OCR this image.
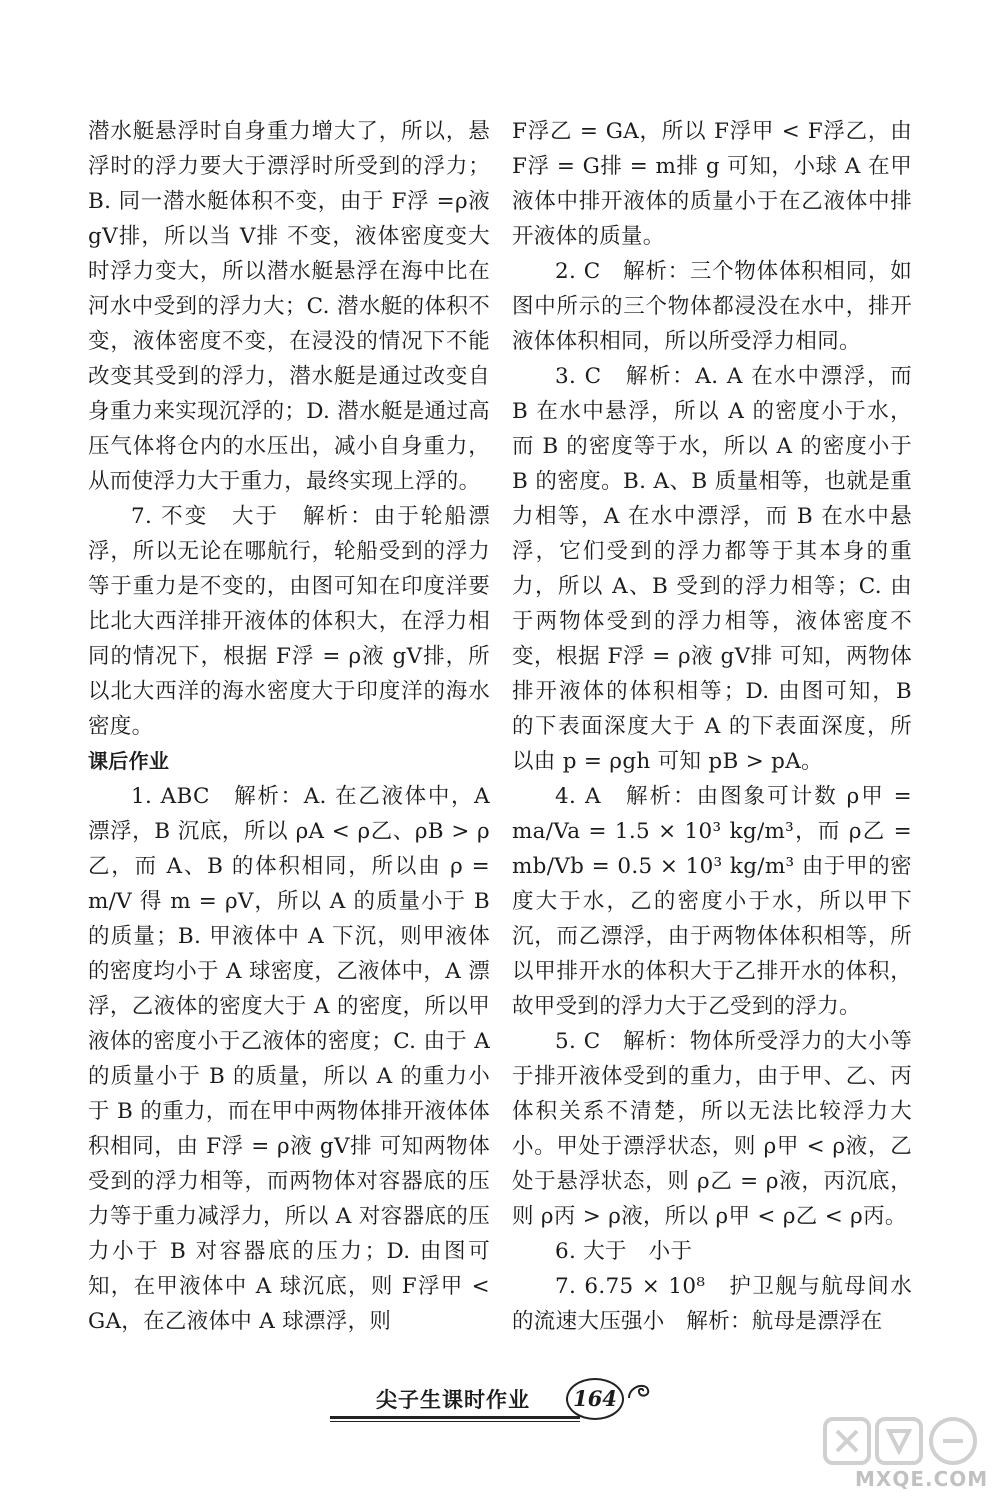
潜水艇悬浮时自身重力增大了，所以，悬浮时的浮力要大于漂浮时所受到的浮力；B. 同一潜水艇体积不变，由于 F浮 =ρ液 gV排，所以当 V排 不变，液体密度变大时浮力变大，所以潜水艇悬浮在海中比在河水中受到的浮力大；C. 潜水艇的体积不变，液体密度不变，在浸没的情况下不能改变其受到的浮力，潜水艇是通过改变自身重力来实现沉浮的；D. 潜水艇是通过高压气体将仓内的水压出，减小自身重力，从而使浮力大于重力，最终实现上浮的。

7. 不变　大于　解析：由于轮船漂浮，所以无论在哪航行，轮船受到的浮力等于重力是不变的，由图可知在印度洋要比北大西洋排开液体的体积大，在浮力相同的情况下，根据 F浮 = ρ液 gV排，所以北大西洋的海水密度大于印度洋的海水密度。

课后作业

1. ABC　解析：A. 在乙液体中，A 漂浮，B 沉底，所以 ρA < ρ乙、ρB > ρ乙，而 A、B 的体积相同，所以由 ρ = m/V 得 m = ρV，所以 A 的质量小于 B 的质量；B. 甲液体中 A 下沉，则甲液体的密度均小于 A 球密度，乙液体中，A 漂浮，乙液体的密度大于 A 的密度，所以甲液体的密度小于乙液体的密度；C. 由于 A 的质量小于 B 的质量，所以 A 的重力小于 B 的重力，而在甲中两物体排开液体体积相同，由 F浮 = ρ液 gV排 可知两物体受到的浮力相等，而两物体对容器底的压力等于重力减浮力，所以 A 对容器底的压力小于 B 对容器底的压力；D. 由图可知，在甲液体中 A 球沉底，则 F浮甲 < GA，在乙液体中 A 球漂浮，则

F浮乙 = GA，所以 F浮甲 < F浮乙，由 F浮 = G排 = m排 g 可知，小球 A 在甲液体中排开液体的质量小于在乙液体中排开液体的质量。

2. C　解析：三个物体体积相同，如图中所示的三个物体都浸没在水中，排开液体体积相同，所以所受浮力相同。

3. C　解析：A. A 在水中漂浮，而 B 在水中悬浮，所以 A 的密度小于水，而 B 的密度等于水，所以 A 的密度小于 B 的密度。B. A、B 质量相等，也就是重力相等，A 在水中漂浮，而 B 在水中悬浮，它们受到的浮力都等于其本身的重力，所以 A、B 受到的浮力相等；C. 由于两物体受到的浮力相等，液体密度不变，根据 F浮 = ρ液 gV排 可知，两物体排开液体的体积相等；D. 由图可知，B 的下表面深度大于 A 的下表面深度，所以由 p = ρgh 可知 pB > pA。

4. A　解析：由图象可计数 ρ甲 = ma/Va = 1.5 × 10³ kg/m³，而 ρ乙 = mb/Vb = 0.5 × 10³ kg/m³ 由于甲的密度大于水，乙的密度小于水，所以甲下沉，而乙漂浮，由于两物体体积相等，所以甲排开水的体积大于乙排开水的体积，故甲受到的浮力大于乙受到的浮力。

5. C　解析：物体所受浮力的大小等于排开液体受到的重力，由于甲、乙、丙体积关系不清楚，所以无法比较浮力大小。甲处于漂浮状态，则 ρ甲 < ρ液，乙处于悬浮状态，则 ρ乙 = ρ液，丙沉底，则 ρ丙 > ρ液，所以 ρ甲 < ρ乙 < ρ丙。

6. 大于　小于

7. 6.75 × 10⁸　护卫舰与航母间水的流速大压强小　解析：航母是漂浮在

尖子生课时作业	164
MXQE.COM
